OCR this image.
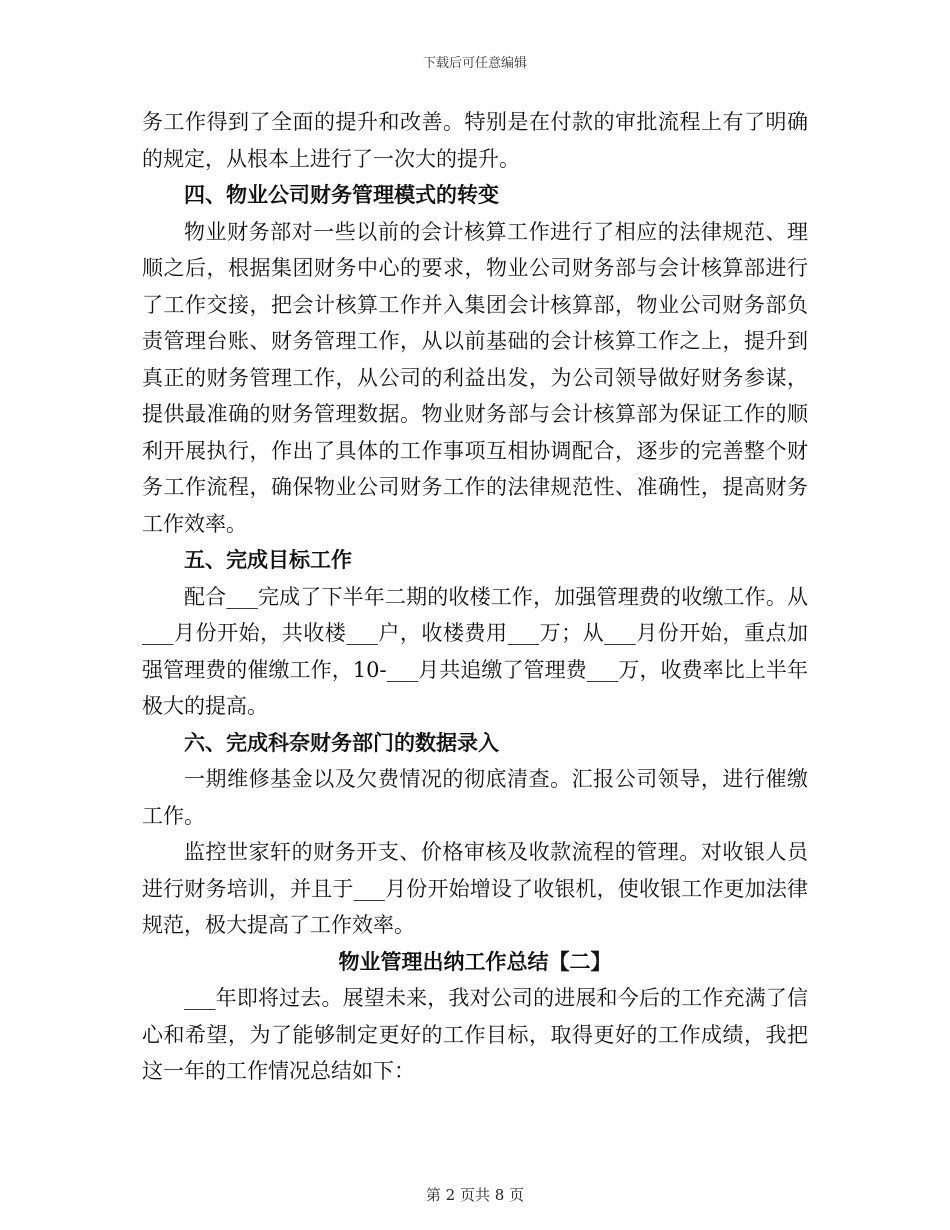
下载后可任意编辑

务工作得到了全面的提升和改善。特别是在付款的审批流程上有了明确的规定，从根本上进行了一次大的提升。

四、物业公司财务管理模式的转变

物业财务部对一些以前的会计核算工作进行了相应的法律规范、理顺之后，根据集团财务中心的要求，物业公司财务部与会计核算部进行了工作交接，把会计核算工作并入集团会计核算部，物业公司财务部负责管理台账、财务管理工作，从以前基础的会计核算工作之上，提升到真正的财务管理工作，从公司的利益出发，为公司领导做好财务参谋，提供最准确的财务管理数据。物业财务部与会计核算部为保证工作的顺利开展执行，作出了具体的工作事项互相协调配合，逐步的完善整个财务工作流程，确保物业公司财务工作的法律规范性、准确性，提高财务工作效率。

五、完成目标工作

配合___完成了下半年二期的收楼工作，加强管理费的收缴工作。从___月份开始，共收楼___户，收楼费用___万；从___月份开始，重点加强管理费的催缴工作，10-___月共追缴了管理费___万，收费率比上半年极大的提高。

六、完成科奈财务部门的数据录入

一期维修基金以及欠费情况的彻底清查。汇报公司领导，进行催缴工作。

监控世家轩的财务开支、价格审核及收款流程的管理。对收银人员进行财务培训，并且于___月份开始增设了收银机，使收银工作更加法律规范，极大提高了工作效率。

物业管理出纳工作总结【二】

___年即将过去。展望未来，我对公司的进展和今后的工作充满了信心和希望，为了能够制定更好的工作目标，取得更好的工作成绩，我把这一年的工作情况总结如下：

第 2 页共 8 页
